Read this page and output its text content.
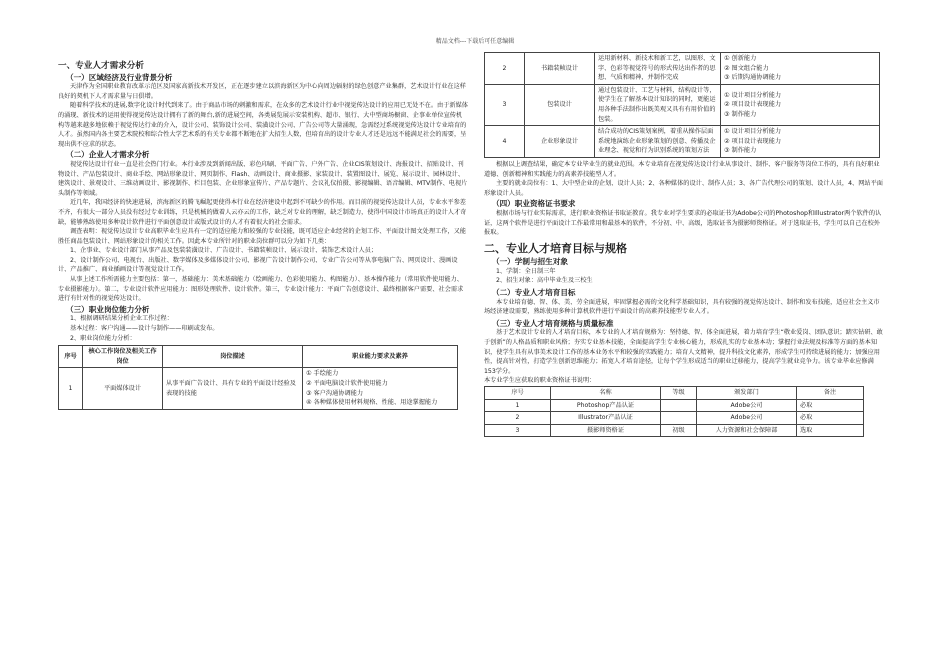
精品文档---下载后可任意编辑
一、专业人才需求分析
（一）区域经济及行业背景分析

天津作为全国职业教育改革示范区及国家高新技术开发区，正在逐步建立以滨海新区为中心向周边辐射的绿色创意产业集群，艺术设计行业在这样良好的契机下人才需求量与日俱增。

随着科学技术的进展,数字化设计时代到来了。由于商品市场的刺激和需求，在众多的艺术设计行业中视觉传达设计的应用已无处不在。由于新媒体的涌现、新技术的运用使得视觉传达设计拥有了新的舞台,新的进展空间，各类展览展示安装机构、超市、银行、大中型商场橱窗、企事业单位宣传机构等越来越多地依赖于视觉传达行业的介入，设计公司、装饰设计公司、装潢设计公司、广告公司等大量涌现，急需经过系统视觉传达设计专业培育的人才。虽然国内各主要艺术院校和综合性大学艺术系的有关专业都不断地在扩大招生人数，但培育出的设计专业人才还是远远不能满足社会的需要，呈现出供不应求的状态。

（二）企业人才需求分析

视觉传达设计行业一直是社会热门行业。本行业涉及到新闻出版、彩色印刷、平面广告、户外广告、企业CIS策划设计、海报设计、招贴设计、刊物设计、产品包装设计、商业手绘、网站形象设计、网页制作、Flash、动画设计、商业摄影、家装设计、装置图设计、展览、展示设计、园林设计、建筑设计、景观设计、三维动画设计、影视制作、栏目包装、企业形象宣传片、产品专题片、会议礼仪拍摄、影视编辑、语音编辑、MTV制作、电视片头制作等领域。

近几年，我国经济的快速进展，滨海新区的腾飞崛起更使得本行业在经济建设中起到不可缺少的作用。而目前的视觉传达设计人员，专业水平参差不齐，有很大一部分人员没有经过专业训练，只是机械的做着人云亦云的工作，缺乏对专业的理解，缺乏制造力，使得中国设计市场真正的设计人才奇缺，能够熟练使用多种设计软件进行平面创意设计或版式设计的人才有着很大的社会需求。

调查表明：视觉传达设计专业高职毕业生应具有一定的适应能力和较强的专业技能，既可适应企业经营的企划工作、平面设计图文处理工作，又能胜任商品包装设计、网站形象设计的相关工作。因此本专业所针对的职业岗位群可以分为如下几类：

1、企事业、专业设计部门从事产品及包装装潢设计、广告设计、书籍装帧设计、展示设计、装饰艺术设计人员；

2、设计制作公司、电视台、出版社、数字媒体及多媒体设计公司、影视广告设计制作公司、专业广告公司等从事电脑广告、网页设计、漫画设计、产品推广、商业插画设计等视觉设计工作。

从事上述工作所需能力主要包括：第一，基础能力：美术基础能力（绘画能力、色彩使用能力、构图能力）、基本操作能力（常用软件使用能力、专业摄影能力）。第二，专业设计软件应用能力：图形处理软件、设计软件。第三，专业设计能力：平面广告创意设计、最终根据客户需要、社会需求进行有针对性的视觉传达设计。

（三）职业岗位能力分析

1、根据调研结果分析企业工作过程：

基本过程：客户沟通——设计与制作——印刷或发布。

2、职业岗位能力分析：

序号	核心工作岗位及相关工作岗位	岗位描述	职业能力要求及素养
1	平面媒体设计	从事平面广告设计、具有专业的平面设计经验及表现的技能	① 手绘能力
② 平面电脑设计软件使用能力
③ 客户沟通协调能力
④ 各种媒体使用材料规格、性能、用途掌握能力
2	书籍装帧设计	运用新材料、新技术和新工艺，以图形、文字、色彩等视觉符号的形式传达出作者的思想、气质和精神，并制作完成	① 创新能力
② 图文组合能力
③ 后期沟通协调能力

3	包装设计	通过包装设计、工艺与材料，结构设计等，使学生在了解基本设计知识的同时，更能运用各种手法制作出既美观又具有有用价值的包装。	① 设计项目分析能力
② 项目设计表现能力
③ 制作能力

4	企业形象设计	结合成功的CIS策划案例，着重从操作层面系统地演练企业形象策划的创意、传播及企业理念、视觉和行为识别系统的策划方法	① 设计项目分析能力
② 项目设计表现能力
③ 制作能力

根据以上调查结果，确定本专业毕业生的就业范围。本专业培育在视觉传达设计行业从事设计、制作、客户服务等岗位工作的，具有良好职业道德、创新精神和实践能力的高素养技能型人才。

主要的就业岗位有：1、大中型企业的企划、设计人员；2、各种媒体的设计、制作人员；3、各广告代理公司的策划、设计人员，4、网站平面形象设计人员。

（四）职业资格证书要求

根据市场与行业实际需求，进行职业资格证书取证教育。我专业对学生要求的必取证书为Adobe公司的Photoshop和Illustrator两个软件的认证，这两个软件是进行平面设计工作最常用和最基本的软件，不分初、中、高级，选取证书为摄影师资格证。对于选取证书，学生可以自己在校外报取。

二、专业人才培育目标与规格
（一）学制与招生对象

1、学制：全日制三年

2、招生对象：高中毕业生及三校生

（二）专业人才培育目标

本专业培育德、智、体、美、劳全面进展，牢固掌握必需的文化科学基础知识，具有较强的视觉传达设计、制作和发布技能，适应社会主义市场经济建设需要，熟练使用多种计算机软件进行平面设计的高素养技能型专业人才。

（三）专业人才培育规格与质量标准

基于艺术设计专业的人才培育目标，本专业的人才培育规格为：坚持德、智、体全面进展，着力培育学生“敬业爱岗、团队意识；踏实钻研、敢于创新”的人格品质和职业风格；夯实专业基本技能，全面提高学生专业核心能力，形成扎实的专业基本功；掌握行业法规及标准等方面的基本知识，使学生具有从事美术设计工作的基本业务水平和较强的实践能力；培育人文精神，提升科技文化素养，形成学生可持续进展的能力；加强应用性，提高针对性，打造学生创新思维能力；拓宽人才培育途径，让每个学生形成适当的职业迁移能力，提高学生就业竞争力。该专业毕业应修满153学分。

本专业学生应获取的职业资格证书说明：
序号	名称	等级	颁发部门	备注
1	Photoshop产品认证		Adobe公司	必取
2	Illustrator产品认证		Adobe公司	必取
3	摄影师资格证	初级	人力资源和社会保障部	选取
